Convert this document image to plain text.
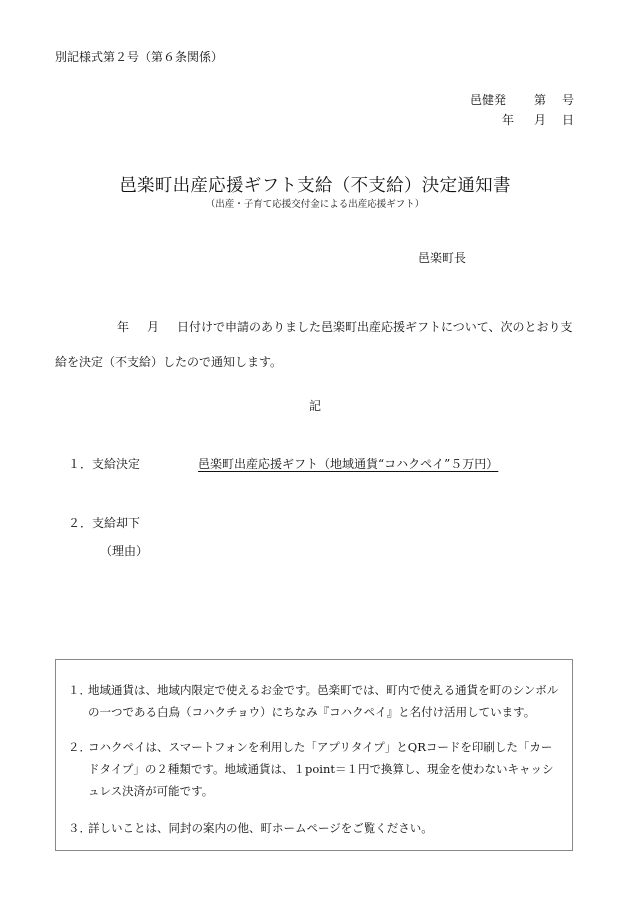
別記様式第２号（第６条関係）
邑健発	第	号
年	月	日
邑楽町出産応援ギフト支給（不支給）決定通知書
（出産・子育て応援交付金による出産応援ギフト）
邑楽町長
年 月 日付けで申請のありました邑楽町出産応援ギフトについて、次のとおり支給を決定（不支給）したので通知します。
記
１．支給決定	邑楽町出産応援ギフト（地域通貨“コハクペイ”５万円）
２．支給却下
（理由）
１．
地域通貨は、地域内限定で使えるお金です。邑楽町では、町内で使える通貨を町のシンボルの一つである白鳥（コハクチョウ）にちなみ『コハクペイ』と名付け活用しています。
２．
コハクペイは、スマートフォンを利用した「アプリタイプ」とQRコードを印刷した「カードタイプ」の２種類です。地域通貨は、１point＝１円で換算し、現金を使わないキャッシュレス決済が可能です。
３．
詳しいことは、同封の案内の他、町ホームページをご覧ください。
